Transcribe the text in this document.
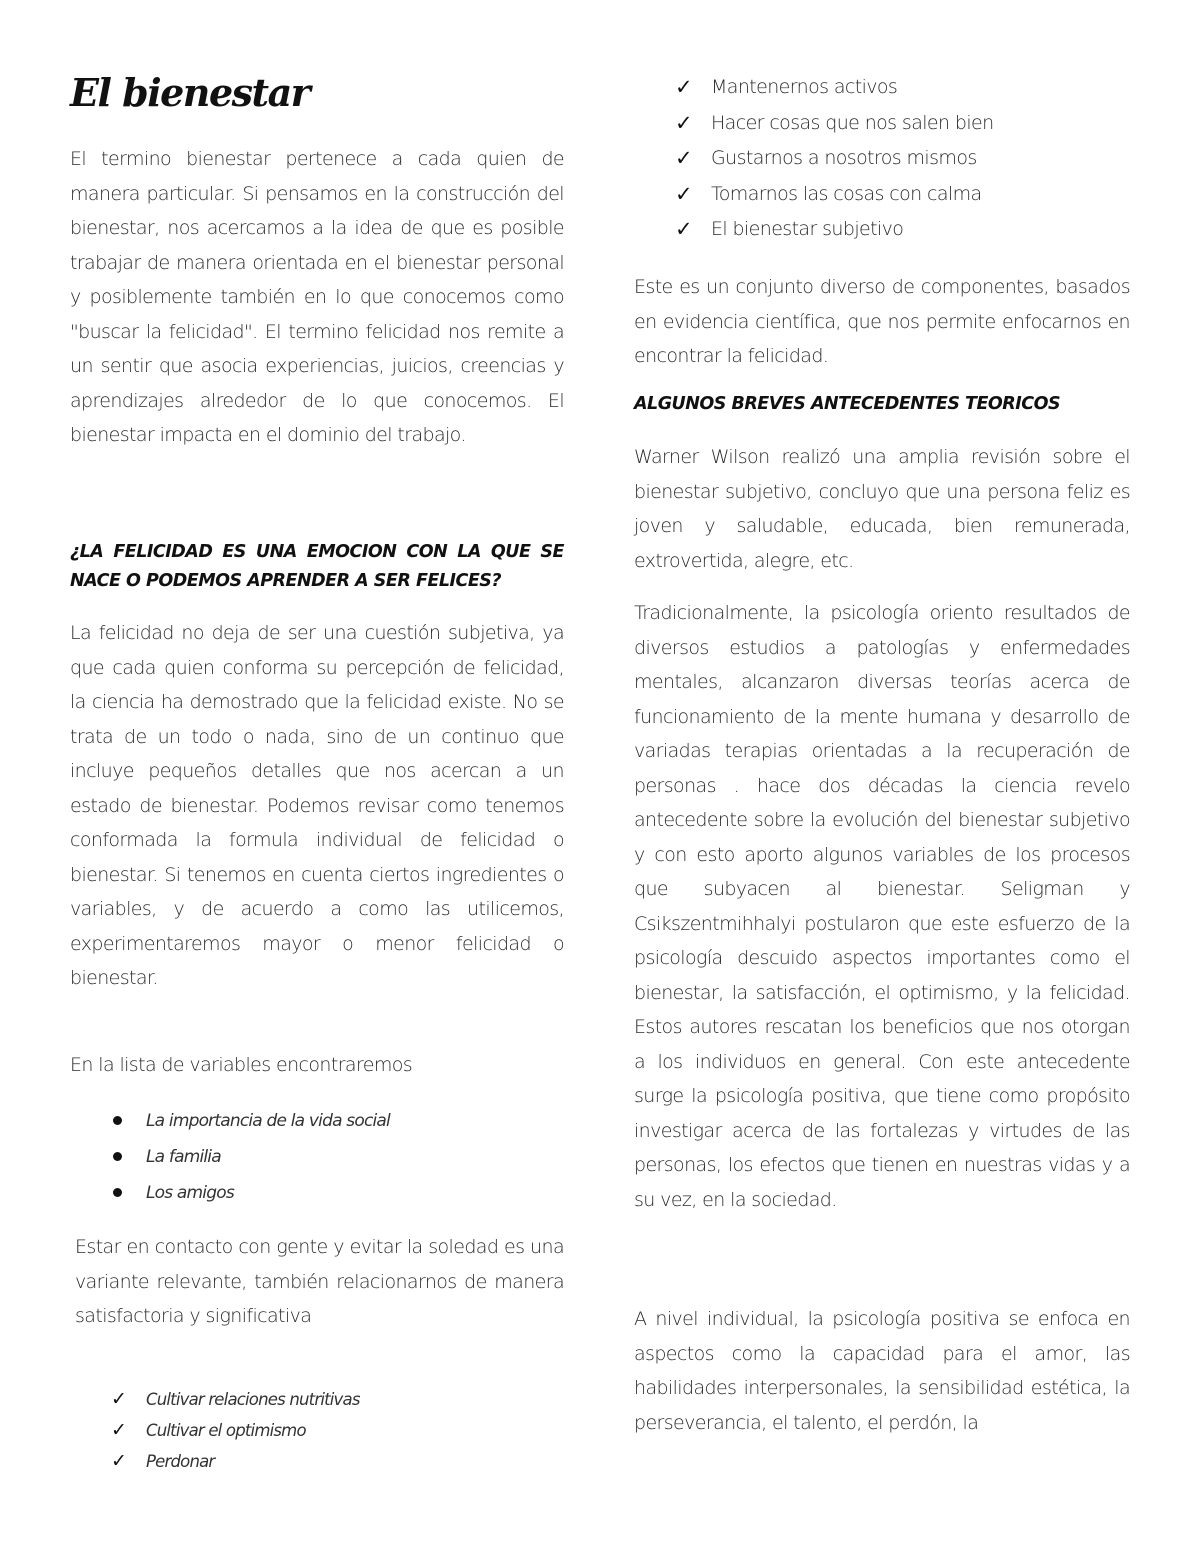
El bienestar

El termino bienestar pertenece a cada quien de manera particular. Si pensamos en la construcción del bienestar, nos acercamos a la idea de que es posible trabajar de manera orientada en el bienestar personal y posiblemente también en lo que conocemos como "buscar la felicidad". El termino felicidad nos remite a un sentir que asocia experiencias, juicios, creencias y aprendizajes alrededor de lo que conocemos. El bienestar impacta en el dominio del trabajo.

¿LA FELICIDAD ES UNA EMOCION CON LA QUE SE NACE O PODEMOS APRENDER A SER FELICES?

La felicidad no deja de ser una cuestión subjetiva, ya que cada quien conforma su percepción de felicidad, la ciencia ha demostrado que la felicidad existe. No se trata de un todo o nada, sino de un continuo que incluye pequeños detalles que nos acercan a un estado de bienestar. Podemos revisar como tenemos conformada la formula individual de felicidad o bienestar. Si tenemos en cuenta ciertos ingredientes o variables, y de acuerdo a como las utilicemos, experimentaremos mayor o menor felicidad o bienestar.

En la lista de variables encontraremos

La importancia de la vida social
La familia
Los amigos

Estar en contacto con gente y evitar la soledad es una variante relevante, también relacionarnos de manera satisfactoria y significativa

✓ Cultivar relaciones nutritivas
✓ Cultivar el optimismo
✓ Perdonar
✓ Mantenernos activos
✓ Hacer cosas que nos salen bien
✓ Gustarnos a nosotros mismos
✓ Tomarnos las cosas con calma
✓ El bienestar subjetivo

Este es un conjunto diverso de componentes, basados en evidencia científica, que nos permite enfocarnos en encontrar la felicidad.

ALGUNOS BREVES ANTECEDENTES TEORICOS

Warner Wilson realizó una amplia revisión sobre el bienestar subjetivo, concluyo que una persona feliz es joven y saludable, educada, bien remunerada, extrovertida, alegre, etc.

Tradicionalmente, la psicología oriento resultados de diversos estudios a patologías y enfermedades mentales, alcanzaron diversas teorías acerca de funcionamiento de la mente humana y desarrollo de variadas terapias orientadas a la recuperación de personas . hace dos décadas la ciencia revelo antecedente sobre la evolución del bienestar subjetivo y con esto aporto algunos variables de los procesos que subyacen al bienestar. Seligman y Csikszentmihhalyi postularon que este esfuerzo de la psicología descuido aspectos importantes como el bienestar, la satisfacción, el optimismo, y la felicidad. Estos autores rescatan los beneficios que nos otorgan a los individuos en general. Con este antecedente surge la psicología positiva, que tiene como propósito investigar acerca de las fortalezas y virtudes de las personas, los efectos que tienen en nuestras vidas y a su vez, en la sociedad.

A nivel individual, la psicología positiva se enfoca en aspectos como la capacidad para el amor, las habilidades interpersonales, la sensibilidad estética, la perseverancia, el talento, el perdón, la
